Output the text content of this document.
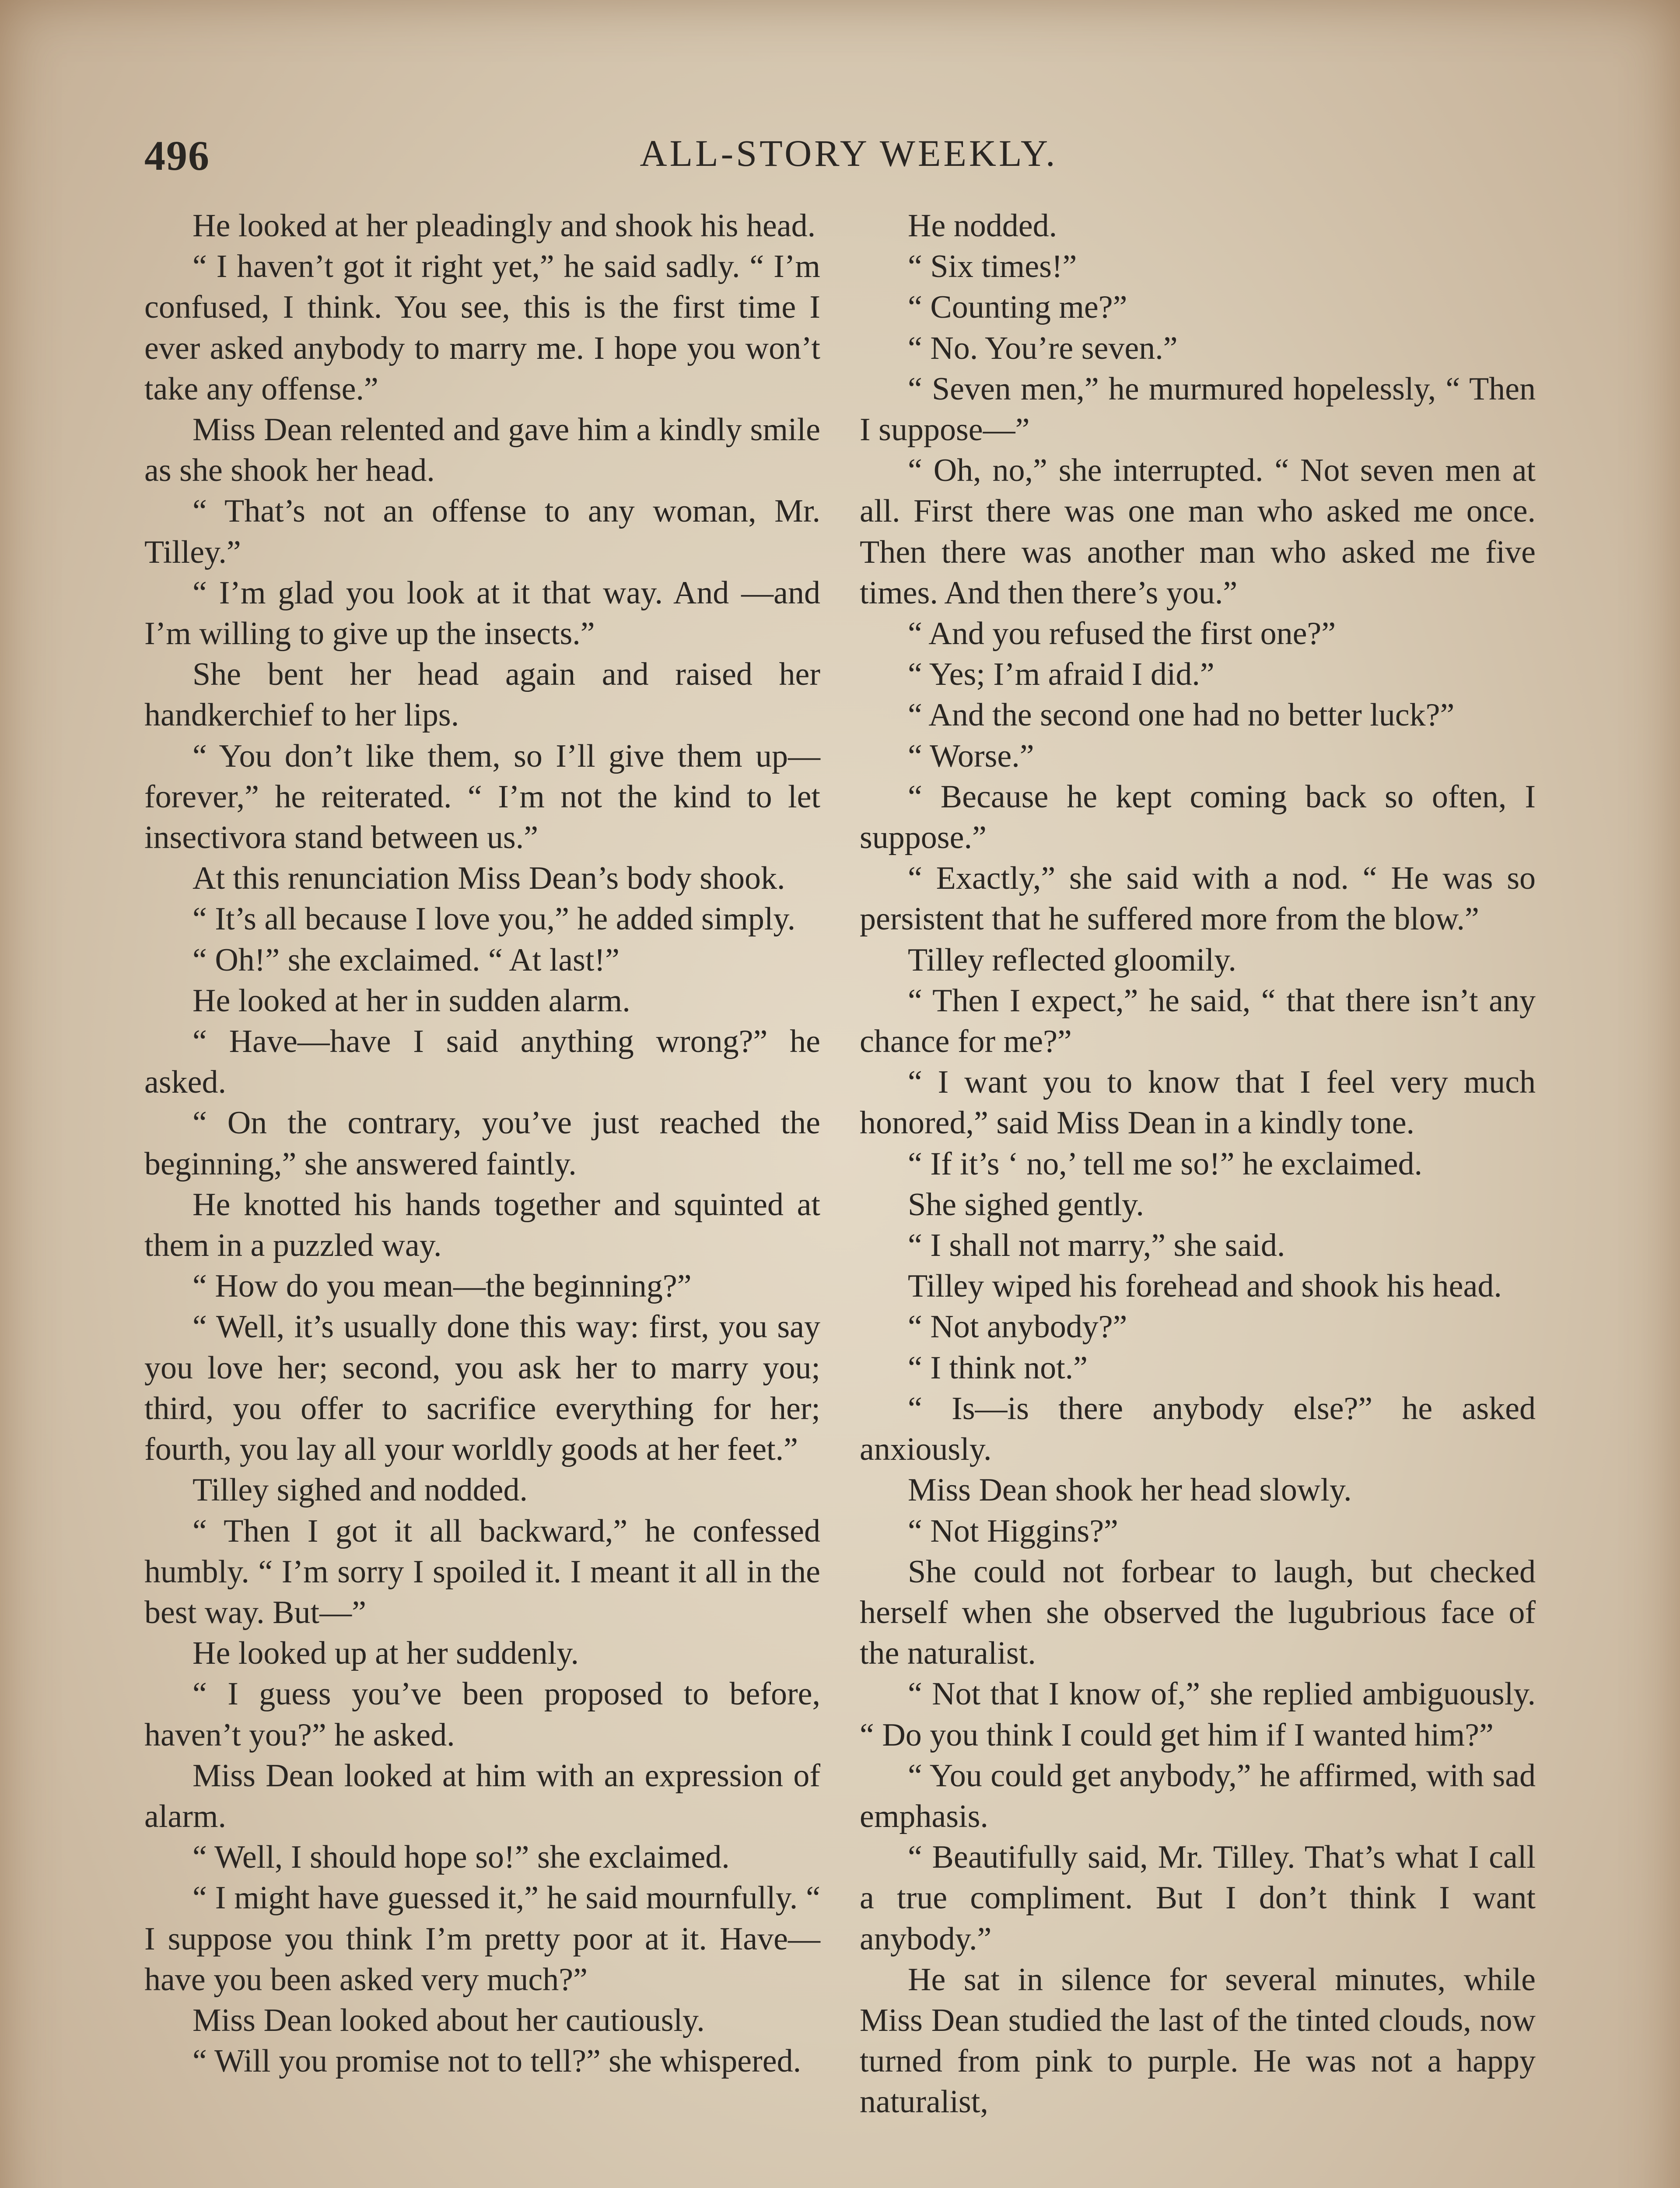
496	ALL-STORY WEEKLY.

He looked at her pleadingly and shook his head.

“ I haven’t got it right yet,” he said sadly. “ I’m confused, I think. You see, this is the first time I ever asked anybody to marry me. I hope you won’t take any offense.”

Miss Dean relented and gave him a kindly smile as she shook her head.

“ That’s not an offense to any woman, Mr. Tilley.”

“ I’m glad you look at it that way. And —and I’m willing to give up the insects.”

She bent her head again and raised her handkerchief to her lips.

“ You don’t like them, so I’ll give them up—forever,” he reiterated. “ I’m not the kind to let insectivora stand between us.”

At this renunciation Miss Dean’s body shook.

“ It’s all because I love you,” he added simply.

“ Oh!” she exclaimed. “ At last!”

He looked at her in sudden alarm.

“ Have—have I said anything wrong?” he asked.

“ On the contrary, you’ve just reached the beginning,” she answered faintly.

He knotted his hands together and squinted at them in a puzzled way.

“ How do you mean—the beginning?”

“ Well, it’s usually done this way: first, you say you love her; second, you ask her to marry you; third, you offer to sacrifice everything for her; fourth, you lay all your worldly goods at her feet.”

Tilley sighed and nodded.

“ Then I got it all backward,” he confessed humbly. “ I’m sorry I spoiled it. I meant it all in the best way. But—”

He looked up at her suddenly.

“ I guess you’ve been proposed to before, haven’t you?” he asked.

Miss Dean looked at him with an expression of alarm.

“ Well, I should hope so!” she exclaimed.

“ I might have guessed it,” he said mournfully. “ I suppose you think I’m pretty poor at it. Have—have you been asked very much?”

Miss Dean looked about her cautiously.

“ Will you promise not to tell?” she whispered.

He nodded.

“ Six times!”

“ Counting me?”

“ No. You’re seven.”

“ Seven men,” he murmured hopelessly, “ Then I suppose—”

“ Oh, no,” she interrupted. “ Not seven men at all. First there was one man who asked me once. Then there was another man who asked me five times. And then there’s you.”

“ And you refused the first one?”

“ Yes; I’m afraid I did.”

“ And the second one had no better luck?”

“ Worse.”

“ Because he kept coming back so often, I suppose.”

“ Exactly,” she said with a nod. “ He was so persistent that he suffered more from the blow.”

Tilley reflected gloomily.

“ Then I expect,” he said, “ that there isn’t any chance for me?”

“ I want you to know that I feel very much honored,” said Miss Dean in a kindly tone.

“ If it’s ‘ no,’ tell me so!” he exclaimed.

She sighed gently.

“ I shall not marry,” she said.

Tilley wiped his forehead and shook his head.

“ Not anybody?”

“ I think not.”

“ Is—is there anybody else?” he asked anxiously.

Miss Dean shook her head slowly.

“ Not Higgins?”

She could not forbear to laugh, but checked herself when she observed the lugubrious face of the naturalist.

“ Not that I know of,” she replied ambiguously. “ Do you think I could get him if I wanted him?”

“ You could get anybody,” he affirmed, with sad emphasis.

“ Beautifully said, Mr. Tilley. That’s what I call a true compliment. But I don’t think I want anybody.”

He sat in silence for several minutes, while Miss Dean studied the last of the tinted clouds, now turned from pink to purple. He was not a happy naturalist,
